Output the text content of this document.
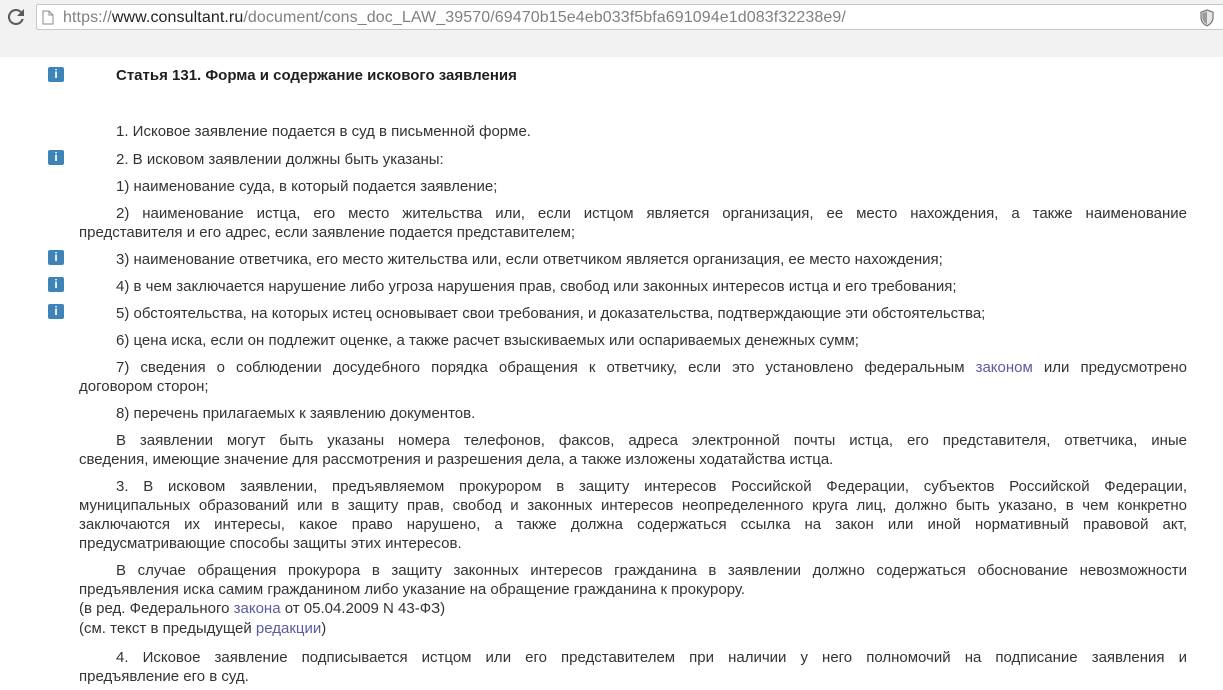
https://www.consultant.ru/document/cons_doc_LAW_39570/69470b15e4eb033f5bfa691094e1d083f32238e9/
i	Статья 131. Форма и содержание искового заявления
1. Исковое заявление подается в суд в письменной форме.
i	2. В исковом заявлении должны быть указаны:
1) наименование суда, в который подается заявление;
2) наименование истца, его место жительства или, если истцом является организация, ее место нахождения, а также наименование
представителя и его адрес, если заявление подается представителем;
i	3) наименование ответчика, его место жительства или, если ответчиком является организация, ее место нахождения;
i	4) в чем заключается нарушение либо угроза нарушения прав, свобод или законных интересов истца и его требования;
i	5) обстоятельства, на которых истец основывает свои требования, и доказательства, подтверждающие эти обстоятельства;
6) цена иска, если он подлежит оценке, а также расчет взыскиваемых или оспариваемых денежных сумм;
7) сведения о соблюдении досудебного порядка обращения к ответчику, если это установлено федеральным законом или предусмотрено
договором сторон;
8) перечень прилагаемых к заявлению документов.
В заявлении могут быть указаны номера телефонов, факсов, адреса электронной почты истца, его представителя, ответчика, иные
сведения, имеющие значение для рассмотрения и разрешения дела, а также изложены ходатайства истца.
3. В исковом заявлении, предъявляемом прокурором в защиту интересов Российской Федерации, субъектов Российской Федерации,
муниципальных образований или в защиту прав, свобод и законных интересов неопределенного круга лиц, должно быть указано, в чем конкретно
заключаются их интересы, какое право нарушено, а также должна содержаться ссылка на закон или иной нормативный правовой акт,
предусматривающие способы защиты этих интересов.
В случае обращения прокурора в защиту законных интересов гражданина в заявлении должно содержаться обоснование невозможности
предъявления иска самим гражданином либо указание на обращение гражданина к прокурору.
(в ред. Федерального закона от 05.04.2009 N 43-ФЗ)
(см. текст в предыдущей редакции)
4. Исковое заявление подписывается истцом или его представителем при наличии у него полномочий на подписание заявления и
предъявление его в суд.
